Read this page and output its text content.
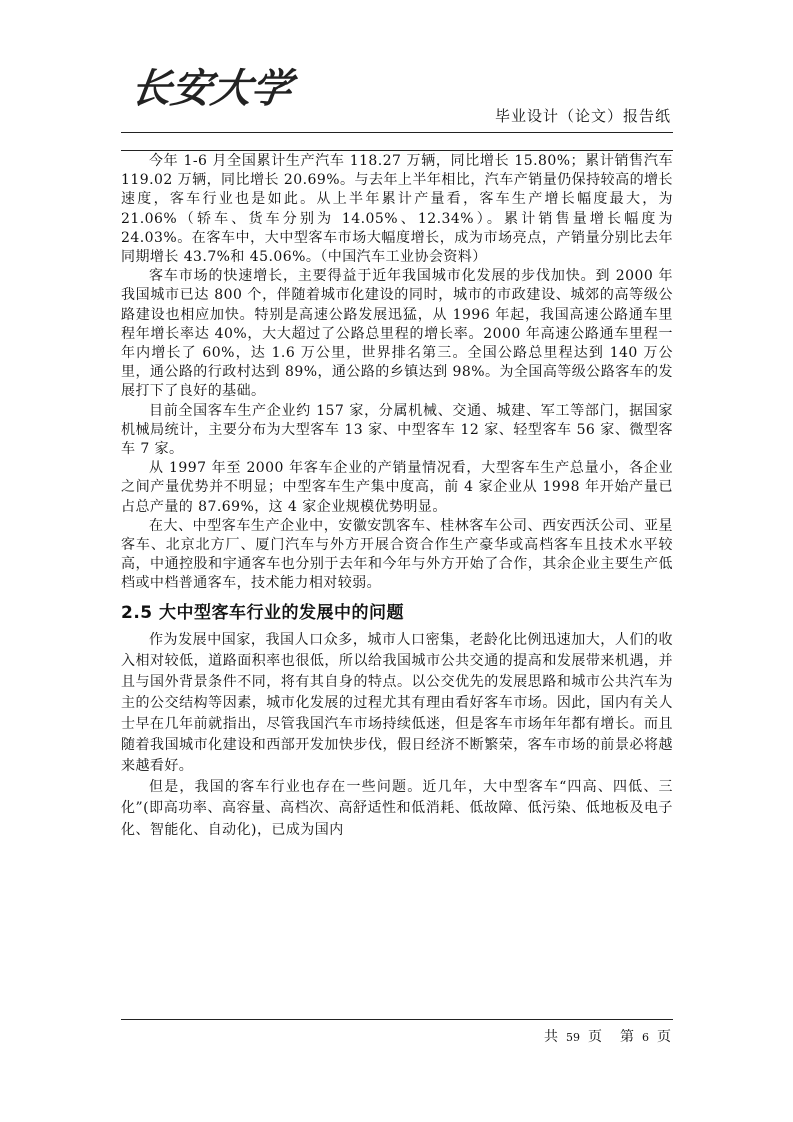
长安大学
毕业设计（论文）报告纸

今年 1-6 月全国累计生产汽车 118.27 万辆，同比增长 15.80%；累计销售汽车 119.02 万辆，同比增长 20.69%。与去年上半年相比，汽车产销量仍保持较高的增长速度，客车行业也是如此。从上半年累计产量看，客车生产增长幅度最大，为 21.06%（轿车、货车分别为 14.05%、12.34%）。累计销售量增长幅度为 24.03%。在客车中，大中型客车市场大幅度增长，成为市场亮点，产销量分别比去年同期增长 43.7%和 45.06%。（中国汽车工业协会资料）

客车市场的快速增长，主要得益于近年我国城市化发展的步伐加快。到 2000 年我国城市已达 800 个，伴随着城市化建设的同时，城市的市政建设、城郊的高等级公路建设也相应加快。特别是高速公路发展迅猛，从 1996 年起，我国高速公路通车里程年增长率达 40%，大大超过了公路总里程的增长率。2000 年高速公路通车里程一年内增长了 60%，达 1.6 万公里，世界排名第三。全国公路总里程达到 140 万公里，通公路的行政村达到 89%，通公路的乡镇达到 98%。为全国高等级公路客车的发展打下了良好的基础。

目前全国客车生产企业约 157 家，分属机械、交通、城建、军工等部门，据国家机械局统计，主要分布为大型客车 13 家、中型客车 12 家、轻型客车 56 家、微型客车 7 家。

从 1997 年至 2000 年客车企业的产销量情况看，大型客车生产总量小，各企业之间产量优势并不明显；中型客车生产集中度高，前 4 家企业从 1998 年开始产量已占总产量的 87.69%，这 4 家企业规模优势明显。

在大、中型客车生产企业中，安徽安凯客车、桂林客车公司、西安西沃公司、亚星客车、北京北方厂、厦门汽车与外方开展合资合作生产豪华或高档客车且技术水平较高，中通控股和宇通客车也分别于去年和今年与外方开始了合作，其余企业主要生产低档或中档普通客车，技术能力相对较弱。

2.5 大中型客车行业的发展中的问题

作为发展中国家，我国人口众多，城市人口密集，老龄化比例迅速加大，人们的收入相对较低，道路面积率也很低，所以给我国城市公共交通的提高和发展带来机遇，并且与国外背景条件不同，将有其自身的特点。以公交优先的发展思路和城市公共汽车为主的公交结构等因素，城市化发展的过程尤其有理由看好客车市场。因此，国内有关人士早在几年前就指出，尽管我国汽车市场持续低迷，但是客车市场年年都有增长。而且随着我国城市化建设和西部开发加快步伐，假日经济不断繁荣，客车市场的前景必将越来越看好。

但是，我国的客车行业也存在一些问题。近几年，大中型客车“四高、四低、三化”(即高功率、高容量、高档次、高舒适性和低消耗、低故障、低污染、低地板及电子化、智能化、自动化)，已成为国内

共 59 页 第 6 页
